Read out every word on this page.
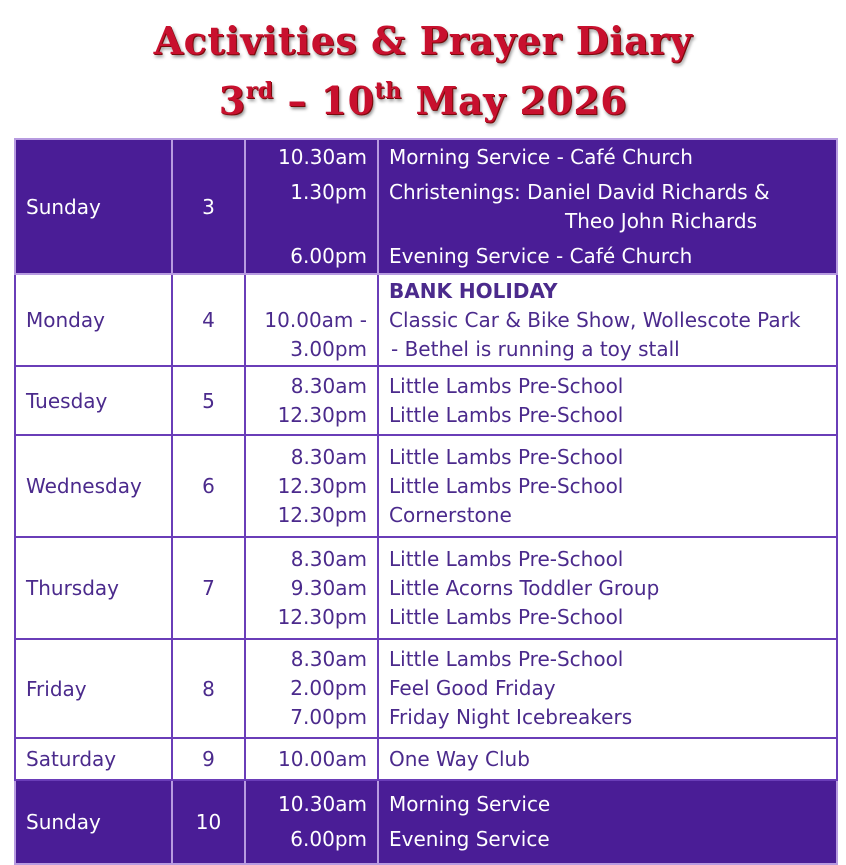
Activities & Prayer Diary
3rd – 10th May 2026
Sunday	3	10.30am
1.30pm
6.00pm	Morning Service - Café Church
Christenings: Daniel David Richards &
Theo John Richards
Evening Service - Café Church

Monday	4	10.00am -
3.00pm	BANK HOLIDAY
Classic Car & Bike Show, Wollescote Park
- Bethel is running a toy stall

Tuesday	5	8.30am
12.30pm	Little Lambs Pre-School
Little Lambs Pre-School

Wednesday	6	8.30am
12.30pm
12.30pm	Little Lambs Pre-School
Little Lambs Pre-School
Cornerstone

Thursday	7	8.30am
9.30am
12.30pm	Little Lambs Pre-School
Little Acorns Toddler Group
Little Lambs Pre-School

Friday	8	8.30am
2.00pm
7.00pm	Little Lambs Pre-School
Feel Good Friday
Friday Night Icebreakers

Saturday	9	10.00am	One Way Club

Sunday	10	10.30am
6.00pm	Morning Service
Evening Service
